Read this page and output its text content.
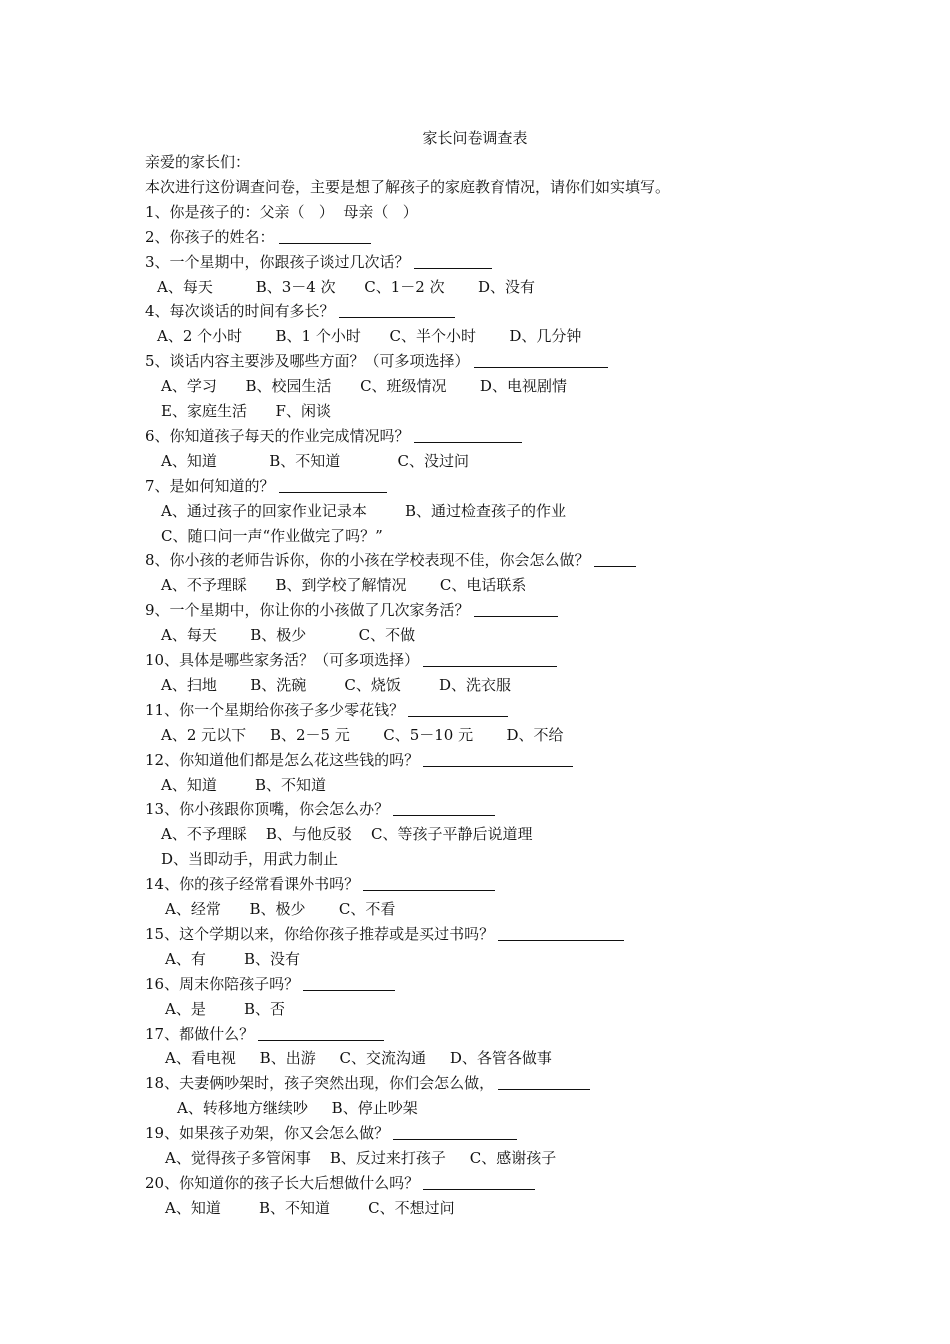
家长问卷调查表
亲爱的家长们：
本次进行这份调查问卷，主要是想了解孩子的家庭教育情况，请你们如实填写。
1、你是孩子的：父亲（   ）  母亲（   ）
2、你孩子的姓名：
3、一个星期中，你跟孩子谈过几次话？
A、每天         B、3－4 次      C、1－2 次       D、没有
4、每次谈话的时间有多长？
A、2 个小时       B、1 个小时      C、半个小时       D、几分钟
5、谈话内容主要涉及哪些方面？（可多项选择）
A、学习      B、校园生活      C、班级情况       D、电视剧情
E、家庭生活      F、闲谈
6、你知道孩子每天的作业完成情况吗？
A、知道           B、不知道            C、没过问
7、是如何知道的？
A、通过孩子的回家作业记录本        B、通过检查孩子的作业
C、随口问一声“作业做完了吗？”
8、你小孩的老师告诉你，你的小孩在学校表现不佳，你会怎么做？
A、不予理睬      B、到学校了解情况       C、电话联系
9、一个星期中，你让你的小孩做了几次家务活？
A、每天       B、极少           C、不做
10、具体是哪些家务活？（可多项选择）
A、扫地       B、洗碗        C、烧饭        D、洗衣服
11、你一个星期给你孩子多少零花钱？
A、2 元以下     B、2－5 元       C、5－10 元       D、不给
12、你知道他们都是怎么花这些钱的吗？
A、知道        B、不知道
13、你小孩跟你顶嘴，你会怎么办？
A、不予理睬    B、与他反驳    C、等孩子平静后说道理
D、当即动手，用武力制止
14、你的孩子经常看课外书吗？
A、经常      B、极少       C、不看
15、这个学期以来，你给你孩子推荐或是买过书吗？
A、有        B、没有
16、周末你陪孩子吗？
A、是        B、否
17、都做什么？
A、看电视     B、出游     C、交流沟通     D、各管各做事
18、夫妻俩吵架时，孩子突然出现，你们会怎么做，
A、转移地方继续吵     B、停止吵架
19、如果孩子劝架，你又会怎么做？
A、觉得孩子多管闲事    B、反过来打孩子     C、感谢孩子
20、你知道你的孩子长大后想做什么吗？
A、知道        B、不知道        C、不想过问
